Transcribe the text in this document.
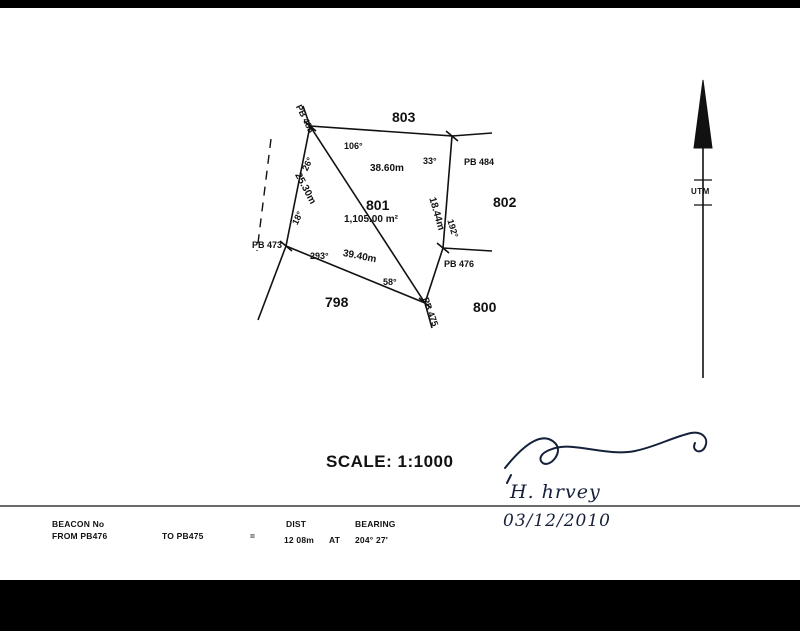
803
802
801
1,105.00 m²
800
798
PB 485
PB 484
PB 476
PB 475
PB 473
106°
38.60m
33°
18.44m 192°
293° 39.40m
58°
26°
25.30m
18°
UTM
SCALE: 1:1000
H. hrvey
03/12/2010
BEACON No
FROM PB476	TO PB475	=
DIST	BEARING
12 08m AT 204° 27'
